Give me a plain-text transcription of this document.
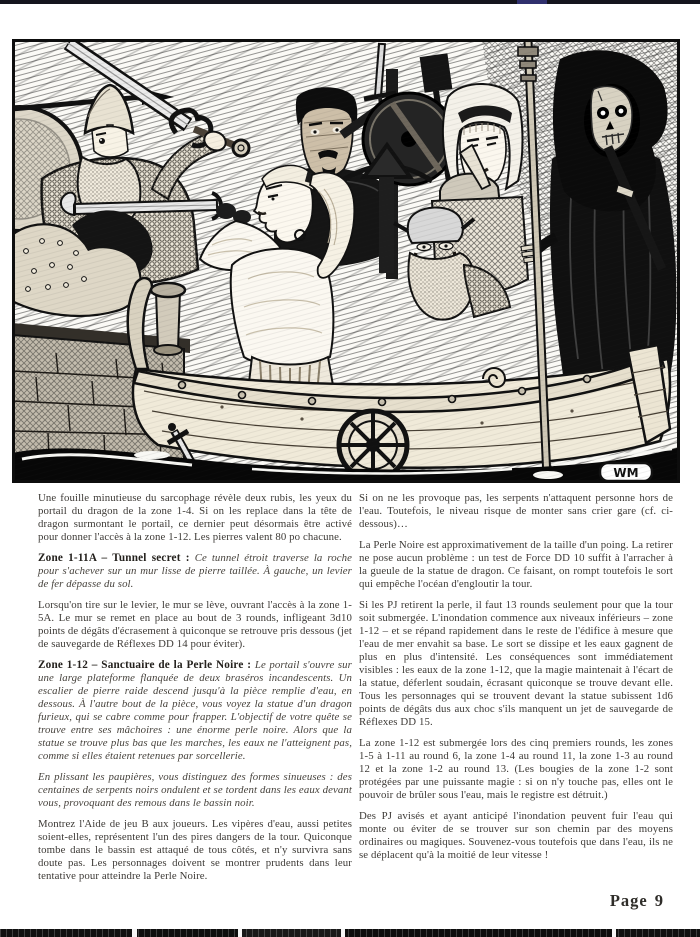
WM

Une fouille minutieuse du sarcophage révèle deux rubis, les yeux du portail du dragon de la zone 1-4. Si on les replace dans la tête de dragon surmontant le portail, ce dernier peut désormais être activé pour donner l'accès à la zone 1-12. Les pierres valent 80 po chacune.

Zone 1-11A – Tunnel secret : Ce tunnel étroit traverse la roche pour s'achever sur un mur lisse de pierre taillée. À gauche, un levier de fer dépasse du sol.

Lorsqu'on tire sur le levier, le mur se lève, ouvrant l'accès à la zone 1-5A. Le mur se remet en place au bout de 3 rounds, infligeant 3d10 points de dégâts d'écrasement à quiconque se retrouve pris dessous (jet de sauvegarde de Réflexes DD 14 pour éviter).

Zone 1-12 – Sanctuaire de la Perle Noire : Le portail s'ouvre sur une large plateforme flanquée de deux braséros incandescents. Un escalier de pierre raide descend jusqu'à la pièce remplie d'eau, en dessous. À l'autre bout de la pièce, vous voyez la statue d'un dragon furieux, qui se cabre comme pour frapper. L'objectif de votre quête se trouve entre ses mâchoires : une énorme perle noire. Alors que la statue se trouve plus bas que les marches, les eaux ne l'atteignent pas, comme si elles étaient retenues par sorcellerie.

En plissant les paupières, vous distinguez des formes sinueuses : des centaines de serpents noirs ondulent et se tordent dans les eaux devant vous, provoquant des remous dans le bassin noir.

Montrez l'Aide de jeu B aux joueurs. Les vipères d'eau, aussi petites soient-elles, représentent l'un des pires dangers de la tour. Quiconque tombe dans le bassin est attaqué de tous côtés, et n'y survivra sans doute pas. Les personnages doivent se montrer prudents dans leur tentative pour atteindre la Perle Noire.

Si on ne les provoque pas, les serpents n'attaquent personne hors de l'eau. Toutefois, le niveau risque de monter sans crier gare (cf. ci-dessous)…

La Perle Noire est approximativement de la taille d'un poing. La retirer ne pose aucun problème : un test de Force DD 10 suffit à l'arracher à la gueule de la statue de dragon. Ce faisant, on rompt toutefois le sort qui empêche l'océan d'engloutir la tour.

Si les PJ retirent la perle, il faut 13 rounds seulement pour que la tour soit submergée. L'inondation commence aux niveaux inférieurs – zone 1-12 – et se répand rapidement dans le reste de l'édifice à mesure que l'eau de mer envahit sa base. Le sort se dissipe et les eaux gagnent de plus en plus d'intensité. Les conséquences sont immédiatement visibles : les eaux de la zone 1-12, que la magie maintenait à l'écart de la statue, déferlent soudain, écrasant quiconque se trouve devant elle. Tous les personnages qui se trouvent devant la statue subissent 1d6 points de dégâts dus aux choc s'ils manquent un jet de sauvegarde de Réflexes DD 15.

La zone 1-12 est submergée lors des cinq premiers rounds, les zones 1-5 à 1-11 au round 6, la zone 1-4 au round 11, la zone 1-3 au round 12 et la zone 1-2 au round 13. (Les bougies de la zone 1-2 sont protégées par une puissante magie : si on n'y touche pas, elles ont le pouvoir de brûler sous l'eau, mais le registre est détruit.)

Des PJ avisés et ayant anticipé l'inondation peuvent fuir l'eau qui monte ou éviter de se trouver sur son chemin par des moyens ordinaires ou magiques. Souvenez-vous toutefois que dans l'eau, ils ne se déplacent qu'à la moitié de leur vitesse !

Page 9
